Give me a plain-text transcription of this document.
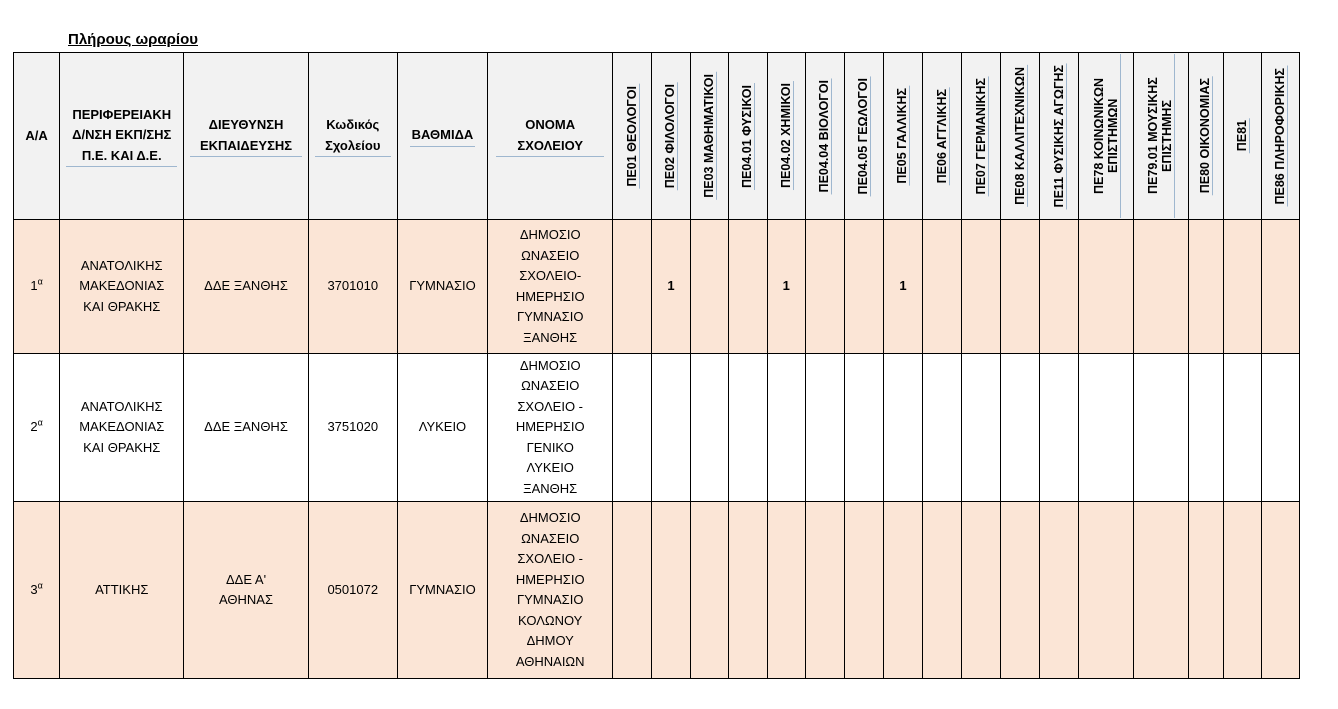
Πλήρους ωραρίου
Α/Α	ΠΕΡΙΦΕΡΕΙΑΚΗ Δ/ΝΣΗ ΕΚΠ/ΣΗΣ Π.Ε. ΚΑΙ Δ.Ε.	ΔΙΕΥΘΥΝΣΗ ΕΚΠΑΙΔΕΥΣΗΣ	Κωδικός Σχολείου	ΒΑΘΜΙΔΑ	ΟΝΟΜΑ ΣΧΟΛΕΙΟΥ	ΠΕ01 ΘΕΟΛΟΓΟΙ	ΠΕ02 ΦΙΛΟΛΟΓΟΙ	ΠΕ03 ΜΑΘΗΜΑΤΙΚΟΙ	ΠΕ04.01 ΦΥΣΙΚΟΙ	ΠΕ04.02 ΧΗΜΙΚΟΙ	ΠΕ04.04 ΒΙΟΛΟΓΟΙ	ΠΕ04.05 ΓΕΩΛΟΓΟΙ	ΠΕ05 ΓΑΛΛΙΚΗΣ	ΠΕ06 ΑΓΓΛΙΚΗΣ	ΠΕ07 ΓΕΡΜΑΝΙΚΗΣ	ΠΕ08 ΚΑΛΛΙΤΕΧΝΙΚΩΝ	ΠΕ11 ΦΥΣΙΚΗΣ ΑΓΩΓΗΣ	ΠΕ78 ΚΟΙΝΩΝΙΚΩΝ ΕΠΙΣΤΗΜΩΝ	ΠΕ79.01 ΜΟΥΣΙΚΗΣ ΕΠΙΣΤΗΜΗΣ	ΠΕ80 ΟΙΚΟΝΟΜΙΑΣ	ΠΕ81	ΠΕ86 ΠΛΗΡΟΦΟΡΙΚΗΣ

$1^\alpha$	ΑΝΑΤΟΛΙΚΗΣ ΜΑΚΕΔΟΝΙΑΣ ΚΑΙ ΘΡΑΚΗΣ	ΔΔΕ ΞΑΝΘΗΣ	3701010	ΓΥΜΝΑΣΙΟ	ΔΗΜΟΣΙΟ ΩΝΑΣΕΙΟ ΣΧΟΛΕΙΟ-ΗΜΕΡΗΣΙΟ ΓΥΜΝΑΣΙΟ ΞΑΝΘΗΣ		1			1			1									
$2^\alpha$	ΑΝΑΤΟΛΙΚΗΣ ΜΑΚΕΔΟΝΙΑΣ ΚΑΙ ΘΡΑΚΗΣ	ΔΔΕ ΞΑΝΘΗΣ	3751020	ΛΥΚΕΙΟ	ΔΗΜΟΣΙΟ ΩΝΑΣΕΙΟ ΣΧΟΛΕΙΟ - ΗΜΕΡΗΣΙΟ ΓΕΝΙΚΟ ΛΥΚΕΙΟ ΞΑΝΘΗΣ																	
$3^\alpha$	ΑΤΤΙΚΗΣ	ΔΔΕ Α' ΑΘΗΝΑΣ	0501072	ΓΥΜΝΑΣΙΟ	ΔΗΜΟΣΙΟ ΩΝΑΣΕΙΟ ΣΧΟΛΕΙΟ - ΗΜΕΡΗΣΙΟ ΓΥΜΝΑΣΙΟ ΚΟΛΩΝΟΥ ΔΗΜΟΥ ΑΘΗΝΑΙΩΝ																	
